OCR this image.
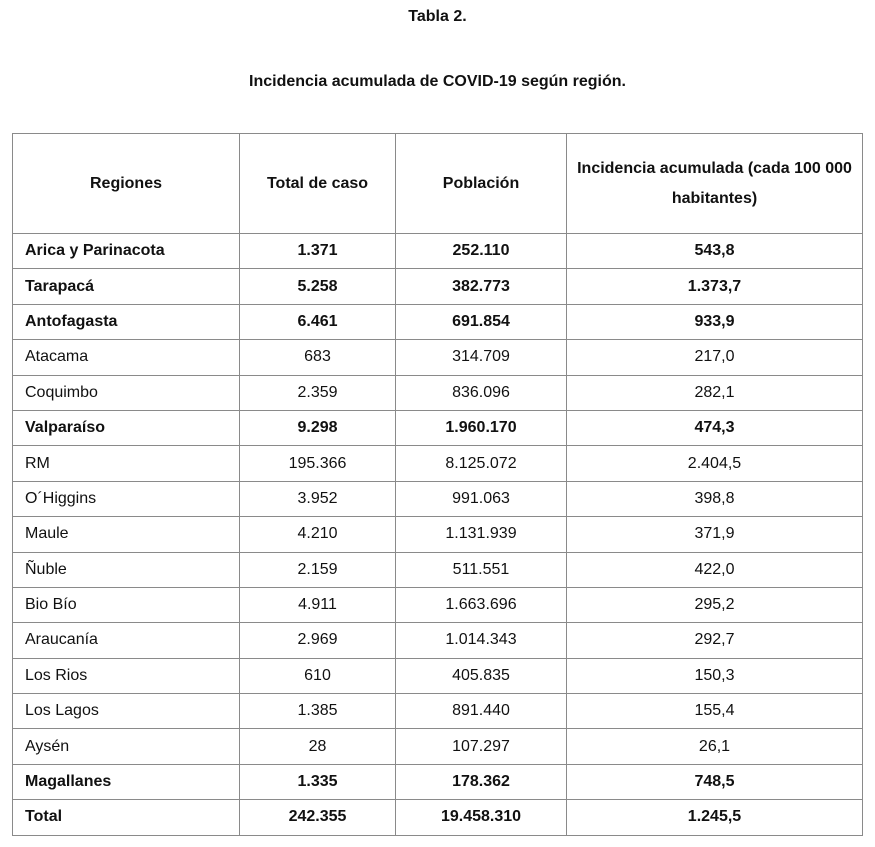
Tabla 2.
Incidencia acumulada de COVID-19 según región.
Regiones	Total de caso	Población	Incidencia acumulada (cada 100 000 habitantes)
Arica y Parinacota	1.371	252.110	543,8
Tarapacá	5.258	382.773	1.373,7
Antofagasta	6.461	691.854	933,9
Atacama	683	314.709	217,0
Coquimbo	2.359	836.096	282,1
Valparaíso	9.298	1.960.170	474,3
RM	195.366	8.125.072	2.404,5
O´Higgins	3.952	991.063	398,8
Maule	4.210	1.131.939	371,9
Ñuble	2.159	511.551	422,0
Bio Bío	4.911	1.663.696	295,2
Araucanía	2.969	1.014.343	292,7
Los Rios	610	405.835	150,3
Los Lagos	1.385	891.440	155,4
Aysén	28	107.297	26,1
Magallanes	1.335	178.362	748,5
Total	242.355	19.458.310	1.245,5
